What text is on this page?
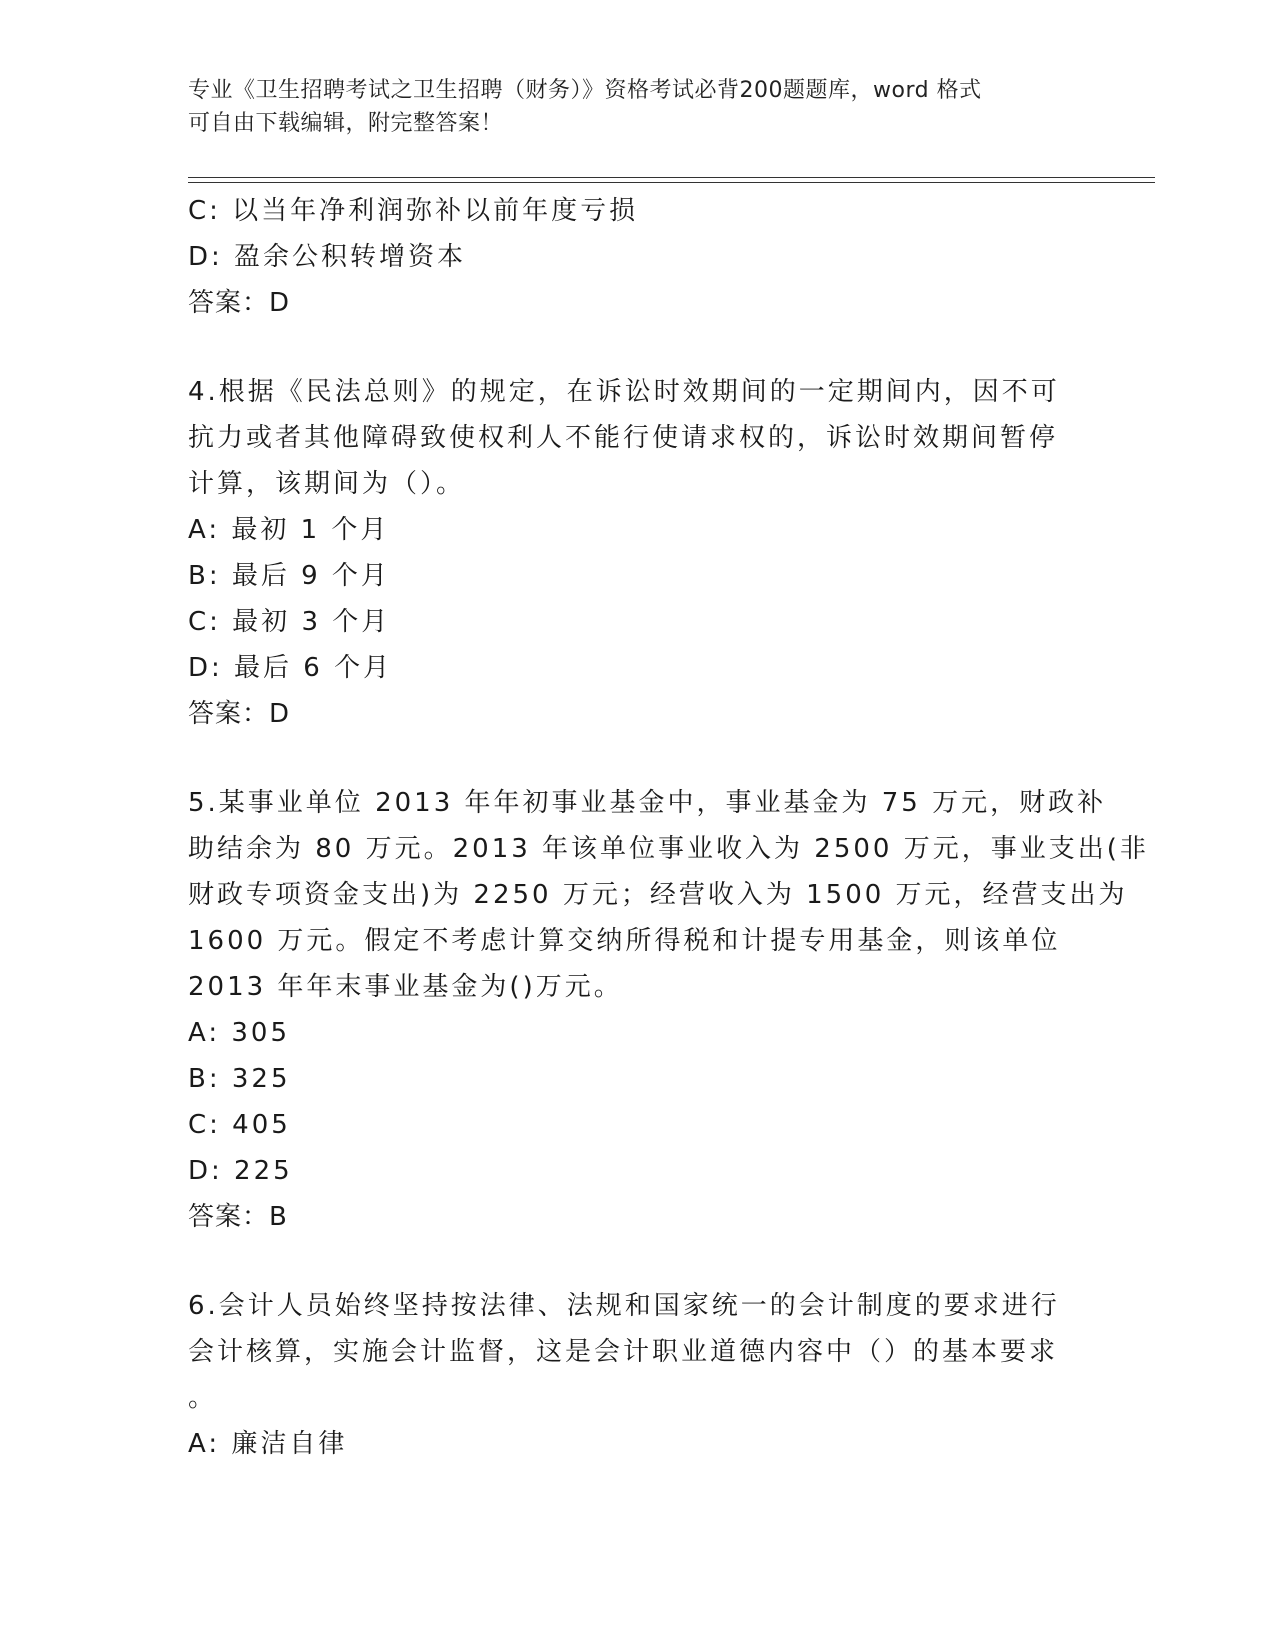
专业《卫生招聘考试之卫生招聘（财务）》资格考试必背200题题库，word 格式
可自由下载编辑，附完整答案！
C: 以当年净利润弥补以前年度亏损
D: 盈余公积转增资本
答案：D
4.根据《民法总则》的规定，在诉讼时效期间的一定期间内，因不可
抗力或者其他障碍致使权利人不能行使请求权的，诉讼时效期间暂停
计算，该期间为（）。
A: 最初 1 个月
B: 最后 9 个月
C: 最初 3 个月
D: 最后 6 个月
答案：D
5.某事业单位 2013 年年初事业基金中，事业基金为 75 万元，财政补
助结余为 80 万元。2013 年该单位事业收入为 2500 万元，事业支出(非
财政专项资金支出)为 2250 万元；经营收入为 1500 万元，经营支出为
1600 万元。假定不考虑计算交纳所得税和计提专用基金，则该单位
2013 年年末事业基金为()万元。
A: 305
B: 325
C: 405
D: 225
答案：B
6.会计人员始终坚持按法律、法规和国家统一的会计制度的要求进行
会计核算，实施会计监督，这是会计职业道德内容中（）的基本要求
。
A: 廉洁自律
